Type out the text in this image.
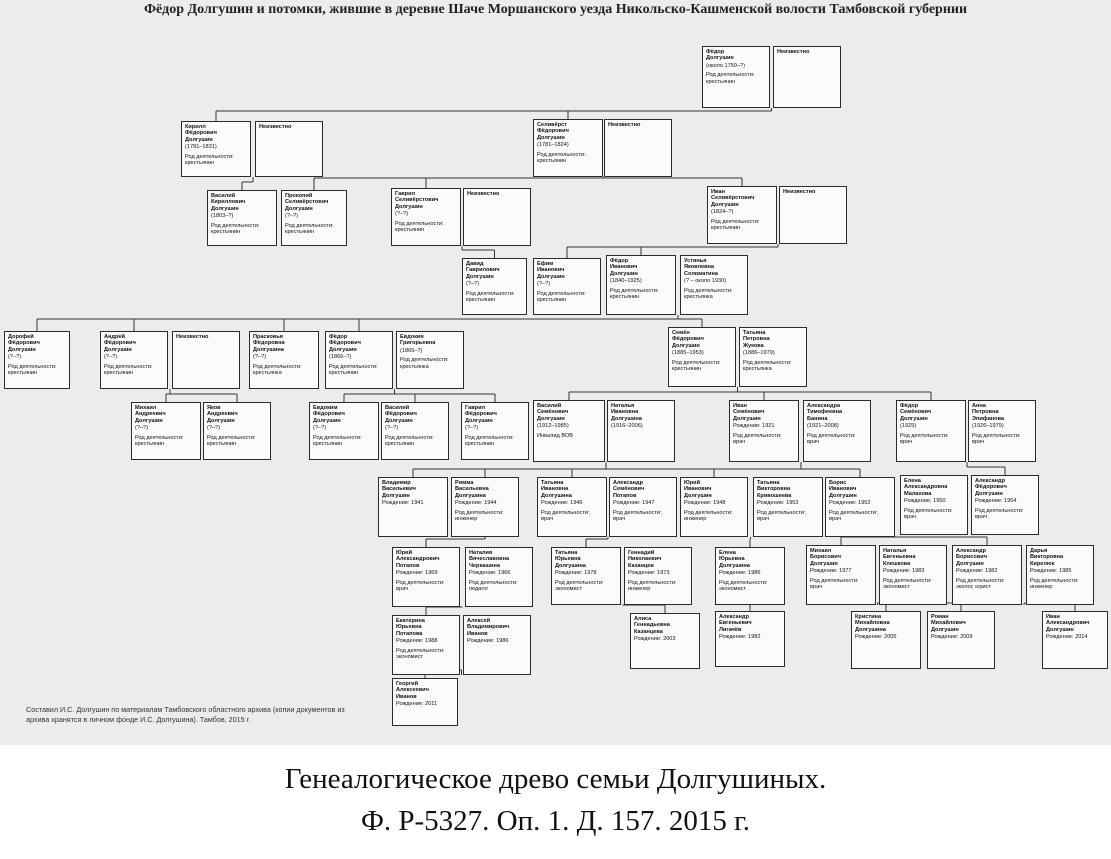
Фёдор Долгушин и потомки, жившие в деревне Шаче Моршанского уезда Никольско-Кашменской волости Тамбовской губернии
Фёдор
Долгушин
(около 1750–?)
Род деятельности:
крестьянин
Неизвестно
Кирилл
Фёдорович
Долгушин
(1781–1831)
Род деятельности:
крестьянин
Неизвестно	Селивёрст
Фёдорович
Долгушин
(1781–1824)
Род деятельности:
крестьянин
Неизвестно
Василий
Кириллович
Долгушин
(1803–?)
Род деятельности:
крестьянин
Прокопий
Селивёрстович
Долгушин
(?–?)
Род деятельности:
крестьянин
Гаврил
Селивёрстович
Долгушин
(?–?)
Род деятельности:
крестьянин
Неизвестно	Иван
Селивёрстович
Долгушин
(1824–?)
Род деятельности:
крестьянин
Неизвестно
Давид
Гаврилович
Долгушин
(?–?)
Род деятельности:
крестьянин
Ефим
Иванович
Долгушин
(?–?)
Род деятельности:
крестьянин
Фёдор
Иванович
Долгушин
(1840–1925)
Род деятельности:
крестьянин
Устинья
Яковлевна
Соломатина
(? – около 1930)
Род деятельности:
крестьянка
Дорофей
Фёдорович
Долгушин
(?–?)
Род деятельности:
крестьянин
Андрей
Фёдорович
Долгушин
(?–?)
Род деятельности:
крестьянин
Неизвестно	Прасковья
Фёдоровна
Долгушина
(?–?)
Род деятельности:
крестьянка
Фёдор
Фёдорович
Долгушин
(1866–?)
Род деятельности:
крестьянин
Евдокия
Григорьевна
(1865–?)
Род деятельности:
крестьянка
Семён
Фёдорович
Долгушин
(1885–1953)
Род деятельности:
крестьянин
Татьяна
Петровна
Жукова
(1886–1979)
Род деятельности:
крестьянка
Михаил
Андреевич
Долгушин
(?–?)
Род деятельности:
крестьянин
Яков
Андреевич
Долгушин
(?–?)
Род деятельности:
крестьянин
Евдоким
Фёдорович
Долгушин
(?–?)
Род деятельности:
крестьянин
Василий
Фёдорович
Долгушин
(?–?)
Род деятельности:
крестьянин
Гаврил
Фёдорович
Долгушин
(?–?)
Род деятельности:
крестьянин
Василий
Семёнович
Долгушин
(1912–1985)
Инвалид ВОВ
Наталья
Ивановна
Долгушина
(1916–2006)
Иван
Семёнович
Долгушин
Рождение: 1921
Род деятельности:
врач
Александра
Тимофеевна
Банина
(1921–2008)
Род деятельности:
врач
Фёдор
Семёнович
Долгушин
(1925)
Род деятельности:
врач
Анна
Петровна
Эпифанова
(1926–1979)
Род деятельности:
врач
Владимир
Васильевич
Долгушин
Рождение: 1941
Римма
Васильевна
Долгушина
Рождение: 1944
Род деятельности:
инженер
Татьяна
Ивановна
Долгушина
Рождение: 1946
Род деятельности:
врач
Александр
Семёнович
Потапов
Рождение: 1947
Род деятельности:
врач
Юрий
Иванович
Долгушин
Рождение: 1948
Род деятельности:
инженер
Татьяна
Викторовна
Кривошеева
Рождение: 1953
Род деятельности:
врач
Борис
Иванович
Долгушин
Рождение: 1952
Род деятельности:
врач
Елена
Александровна
Малахова
Рождение: 1950
Род деятельности:
врач
Александр
Фёдорович
Долгушин
Рождение: 1954
Род деятельности:
врач
Юрий
Александрович
Потапов
Рождение: 1969
Род деятельности:
врач
Наталия
Вячеславовна
Черкашина
Рождение: 1966
Род деятельности:
педагог
Татьяна
Юрьевна
Долгушина
Рождение: 1978
Род деятельности:
экономист
Геннадий
Николаевич
Казанцев
Рождение: 1973
Род деятельности:
инженер
Елена
Юрьевна
Долгушина
Рождение: 1986
Род деятельности:
экономист
Михаил
Борисович
Долгушин
Рождение: 1977
Род деятельности:
врач
Наталья
Евгеньевна
Клешкова
Рождение: 1983
Род деятельности:
экономист
Александр
Борисович
Долгушин
Рождение: 1982
Род деятельности:
эколог, юрист
Дарья
Викторовна
Кирелюк
Рождение: 1985
Род деятельности:
инженер
Екатерина
Юрьевна
Потапова
Рождение: 1988
Род деятельности:
экономист
Алексей
Владимирович
Иванов
Рождение: 1986
Алиса
Геннадьевна
Казанцева
Рождение: 2003
Александр
Евгеньевич
Лигачёв
Рождение: 1982
Кристина
Михайловна
Долгушина
Рождение: 2005
Роман
Михайлович
Долгушин
Рождение: 2009
Иван
Александрович
Долгушин
Рождение: 2014
Георгий
Алексеевич
Иванов
Рождение: 2011
Составил И.С. Долгушин по материалам Тамбовского областного архива (копии документов из архива хранятся в личном фонде И.С. Долгушина). Тамбов, 2015 г.
Генеалогическое древо семьи Долгушиных.
Ф. Р-5327. Оп. 1. Д. 157. 2015 г.
